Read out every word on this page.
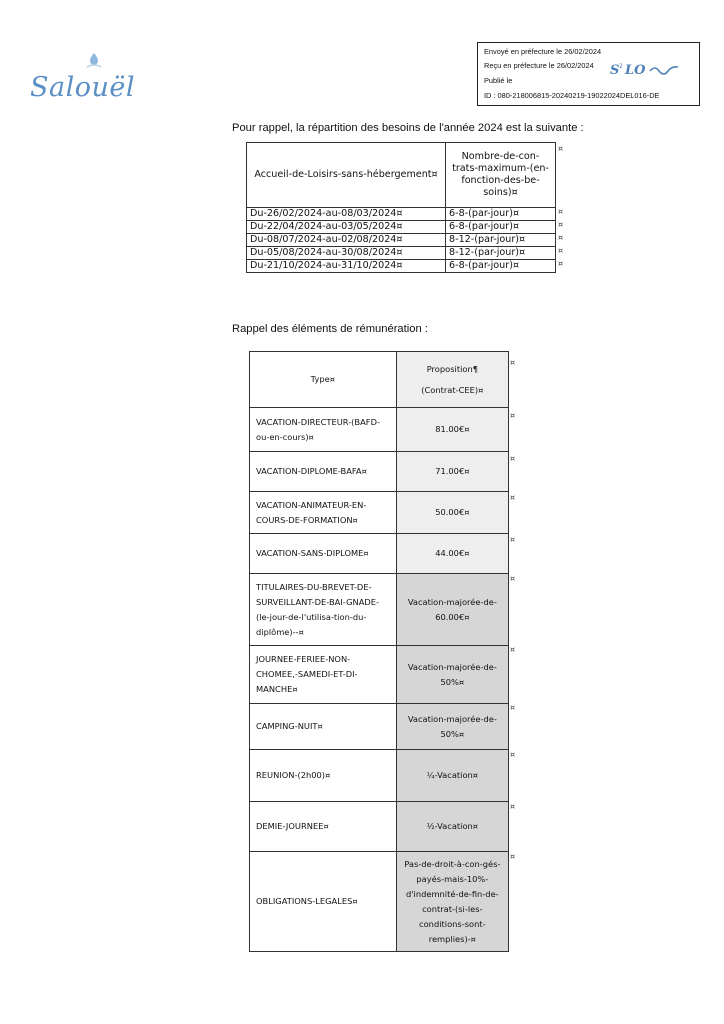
Salouël
Envoyé en préfecture le 26/02/2024
Reçu en préfecture le 26/02/2024
Publié le
ID : 080-218006815-20240219-19022024DEL016-DE
S 2 LO
Pour rappel, la répartition des besoins de l'année 2024 est la suivante :
Accueil-de-Loisirs-sans-hébergement¤	Nombre-de-con-trats-maximum-(en-fonction-des-be-soins)¤
Du-26/02/2024-au-08/03/2024¤	6-8-(par-jour)¤
Du-22/04/2024-au-03/05/2024¤	6-8-(par-jour)¤
Du-08/07/2024-au-02/08/2024¤	8-12-(par-jour)¤
Du-05/08/2024-au-30/08/2024¤	8-12-(par-jour)¤
Du-21/10/2024-au-31/10/2024¤	6-8-(par-jour)¤
¤
¤
¤
¤
¤
¤
Rappel des éléments de rémunération :
Type¤	Proposition¶
(Contrat-CEE)¤

VACATION-DIRECTEUR-(BAFD-ou-en-cours)¤	81.00€¤
VACATION-DIPLOME-BAFA¤	71.00€¤
VACATION-ANIMATEUR-EN-COURS-DE-FORMATION¤	50.00€¤
VACATION-SANS-DIPLOME¤	44.00€¤
TITULAIRES-DU-BREVET-DE-SURVEILLANT-DE-BAI-GNADE-(le-jour-de-l'utilisa-tion-du-diplôme)--¤	Vacation-majorée-de-60.00€¤
JOURNEE-FERIEE-NON-CHOMEE,-SAMEDI-ET-DI-MANCHE¤	Vacation-majorée-de-50%¤
CAMPING-NUIT¤	Vacation-majorée-de-50%¤
REUNION-(2h00)¤	¼-Vacation¤
DEMIE-JOURNEE¤	½-Vacation¤
OBLIGATIONS-LEGALES¤	Pas-de-droit-à-con-gés-payés-mais-10%-d'indemnité-de-fin-de-contrat-(si-les-conditions-sont-remplies)-¤
¤
¤
¤
¤
¤
¤
¤
¤
¤
¤
¤
